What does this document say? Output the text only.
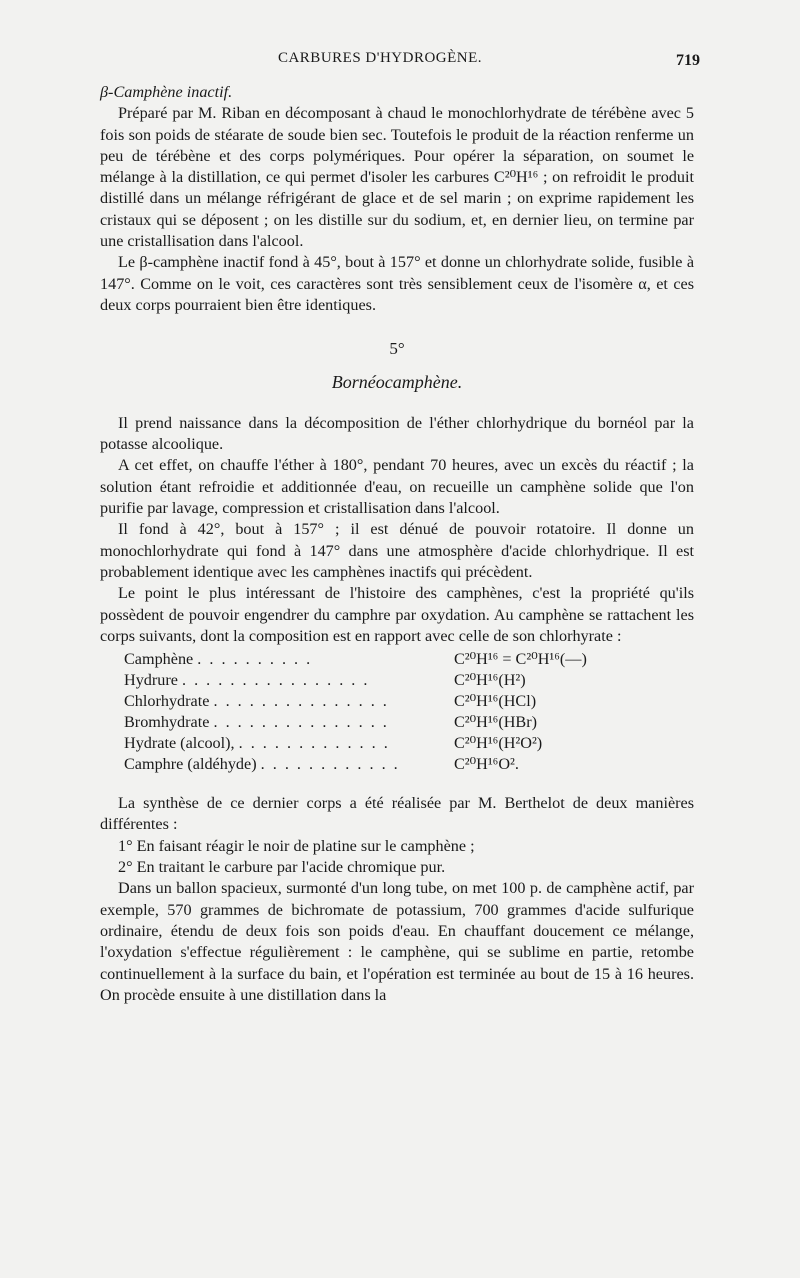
CARBURES D'HYDROGÈNE.	719

β-Camphène inactif.

Préparé par M. Riban en décomposant à chaud le monochlorhydrate de térébène avec 5 fois son poids de stéarate de soude bien sec. Toutefois le produit de la réaction renferme un peu de térébène et des corps polymériques. Pour opérer la séparation, on soumet le mélange à la distillation, ce qui permet d'isoler les carbures C²⁰H¹⁶ ; on refroidit le produit distillé dans un mélange réfrigérant de glace et de sel marin ; on exprime rapidement les cristaux qui se déposent ; on les distille sur du sodium, et, en dernier lieu, on termine par une cristallisation dans l'alcool.

Le β-camphène inactif fond à 45°, bout à 157° et donne un chlorhydrate solide, fusible à 147°. Comme on le voit, ces caractères sont très sensiblement ceux de l'isomère α, et ces deux corps pourraient bien être identiques.

5°
Bornéocamphène.

Il prend naissance dans la décomposition de l'éther chlorhydrique du bornéol par la potasse alcoolique.

A cet effet, on chauffe l'éther à 180°, pendant 70 heures, avec un excès du réactif ; la solution étant refroidie et additionnée d'eau, on recueille un camphène solide que l'on purifie par lavage, compression et cristallisation dans l'alcool.

Il fond à 42°, bout à 157° ; il est dénué de pouvoir rotatoire. Il donne un monochlorhydrate qui fond à 147° dans une atmosphère d'acide chlorhydrique. Il est probablement identique avec les camphènes inactifs qui précèdent.

Le point le plus intéressant de l'histoire des camphènes, c'est la propriété qu'ils possèdent de pouvoir engendrer du camphre par oxydation. Au camphène se rattachent les corps suivants, dont la composition est en rapport avec celle de son chlorhyrate :

Camphène . . . . . . . . . .	C²⁰H¹⁶ = C²⁰H¹⁶(—)
Hydrure . . . . . . . . . . . . . . . .	C²⁰H¹⁶(H²)
Chlorhydrate . . . . . . . . . . . . . . .	C²⁰H¹⁶(HCl)
Bromhydrate . . . . . . . . . . . . . . .	C²⁰H¹⁶(HBr)
Hydrate (alcool), . . . . . . . . . . . . .	C²⁰H¹⁶(H²O²)
Camphre (aldéhyde) . . . . . . . . . . . .	C²⁰H¹⁶O².

La synthèse de ce dernier corps a été réalisée par M. Berthelot de deux manières différentes :

1° En faisant réagir le noir de platine sur le camphène ;

2° En traitant le carbure par l'acide chromique pur.

Dans un ballon spacieux, surmonté d'un long tube, on met 100 p. de camphène actif, par exemple, 570 grammes de bichromate de potassium, 700 grammes d'acide sulfurique ordinaire, étendu de deux fois son poids d'eau. En chauffant doucement ce mélange, l'oxydation s'effectue régulièrement : le camphène, qui se sublime en partie, retombe continuellement à la surface du bain, et l'opération est terminée au bout de 15 à 16 heures. On procède ensuite à une distillation dans la
